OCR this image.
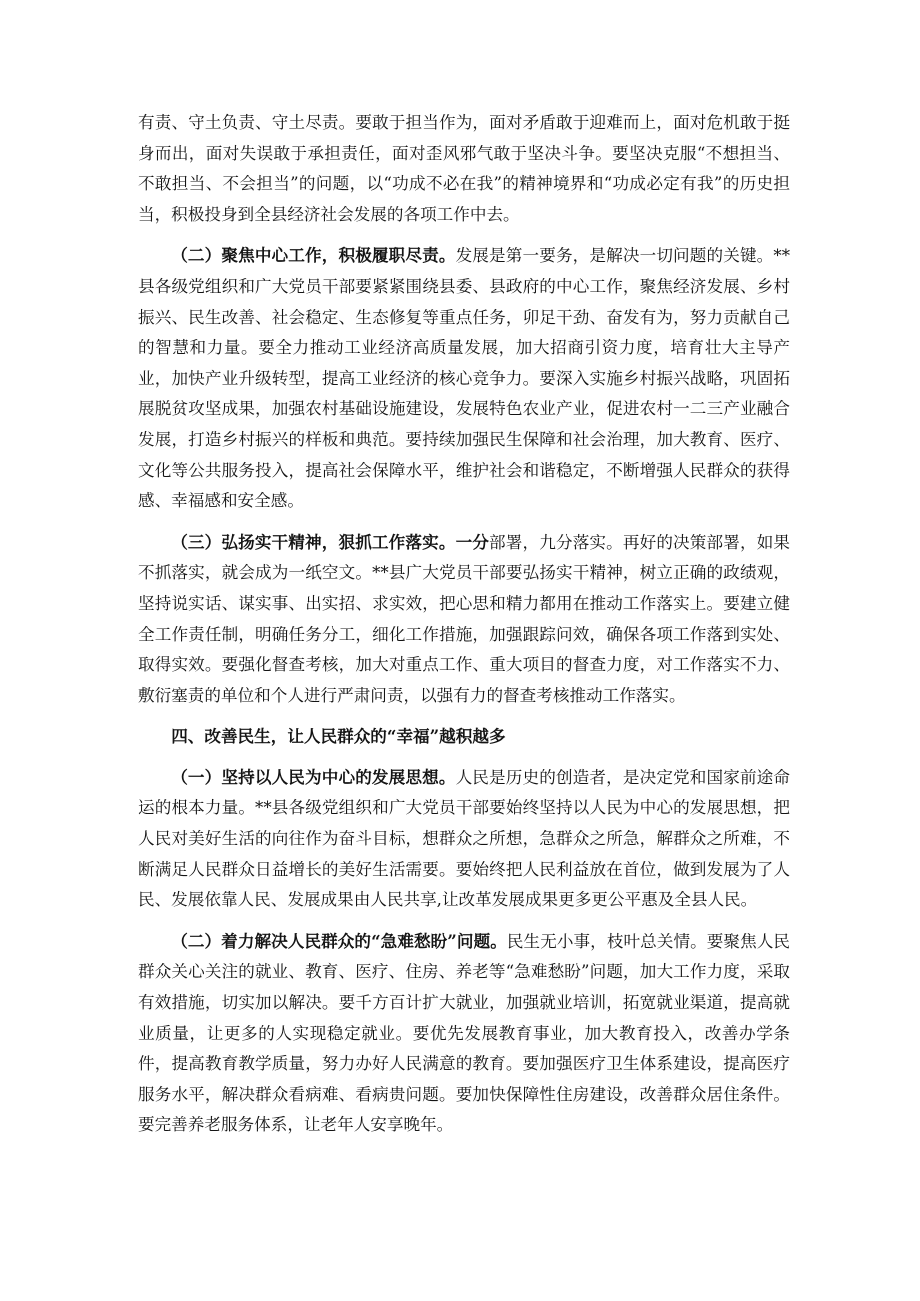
有责、守土负责、守土尽责。要敢于担当作为，面对矛盾敢于迎难而上，面对危机敢于挺身而出，面对失误敢于承担责任，面对歪风邪气敢于坚决斗争。要坚决克服“不想担当、不敢担当、不会担当”的问题，以“功成不必在我”的精神境界和“功成必定有我”的历史担当，积极投身到全县经济社会发展的各项工作中去。

（二）聚焦中心工作，积极履职尽责。发展是第一要务，是解决一切问题的关键。**县各级党组织和广大党员干部要紧紧围绕县委、县政府的中心工作，聚焦经济发展、乡村振兴、民生改善、社会稳定、生态修复等重点任务，卯足干劲、奋发有为，努力贡献自己的智慧和力量。要全力推动工业经济高质量发展，加大招商引资力度，培育壮大主导产业，加快产业升级转型，提高工业经济的核心竞争力。要深入实施乡村振兴战略，巩固拓展脱贫攻坚成果，加强农村基础设施建设，发展特色农业产业，促进农村一二三产业融合发展，打造乡村振兴的样板和典范。要持续加强民生保障和社会治理，加大教育、医疗、文化等公共服务投入，提高社会保障水平，维护社会和谐稳定，不断增强人民群众的获得感、幸福感和安全感。

（三）弘扬实干精神，狠抓工作落实。一分部署，九分落实。再好的决策部署，如果不抓落实，就会成为一纸空文。**县广大党员干部要弘扬实干精神，树立正确的政绩观，坚持说实话、谋实事、出实招、求实效，把心思和精力都用在推动工作落实上。要建立健全工作责任制，明确任务分工，细化工作措施，加强跟踪问效，确保各项工作落到实处、取得实效。要强化督查考核，加大对重点工作、重大项目的督查力度，对工作落实不力、敷衍塞责的单位和个人进行严肃问责，以强有力的督查考核推动工作落实。

四、改善民生，让人民群众的“幸福”越积越多

（一）坚持以人民为中心的发展思想。人民是历史的创造者，是决定党和国家前途命运的根本力量。**县各级党组织和广大党员干部要始终坚持以人民为中心的发展思想，把人民对美好生活的向往作为奋斗目标，想群众之所想，急群众之所急，解群众之所难，不断满足人民群众日益增长的美好生活需要。要始终把人民利益放在首位，做到发展为了人民、发展依靠人民、发展成果由人民共享,让改革发展成果更多更公平惠及全县人民。

（二）着力解决人民群众的“急难愁盼”问题。民生无小事，枝叶总关情。要聚焦人民群众关心关注的就业、教育、医疗、住房、养老等“急难愁盼”问题，加大工作力度，采取有效措施，切实加以解决。要千方百计扩大就业，加强就业培训，拓宽就业渠道，提高就业质量，让更多的人实现稳定就业。要优先发展教育事业，加大教育投入，改善办学条件，提高教育教学质量，努力办好人民满意的教育。要加强医疗卫生体系建设，提高医疗服务水平，解决群众看病难、看病贵问题。要加快保障性住房建设，改善群众居住条件。要完善养老服务体系，让老年人安享晚年。
